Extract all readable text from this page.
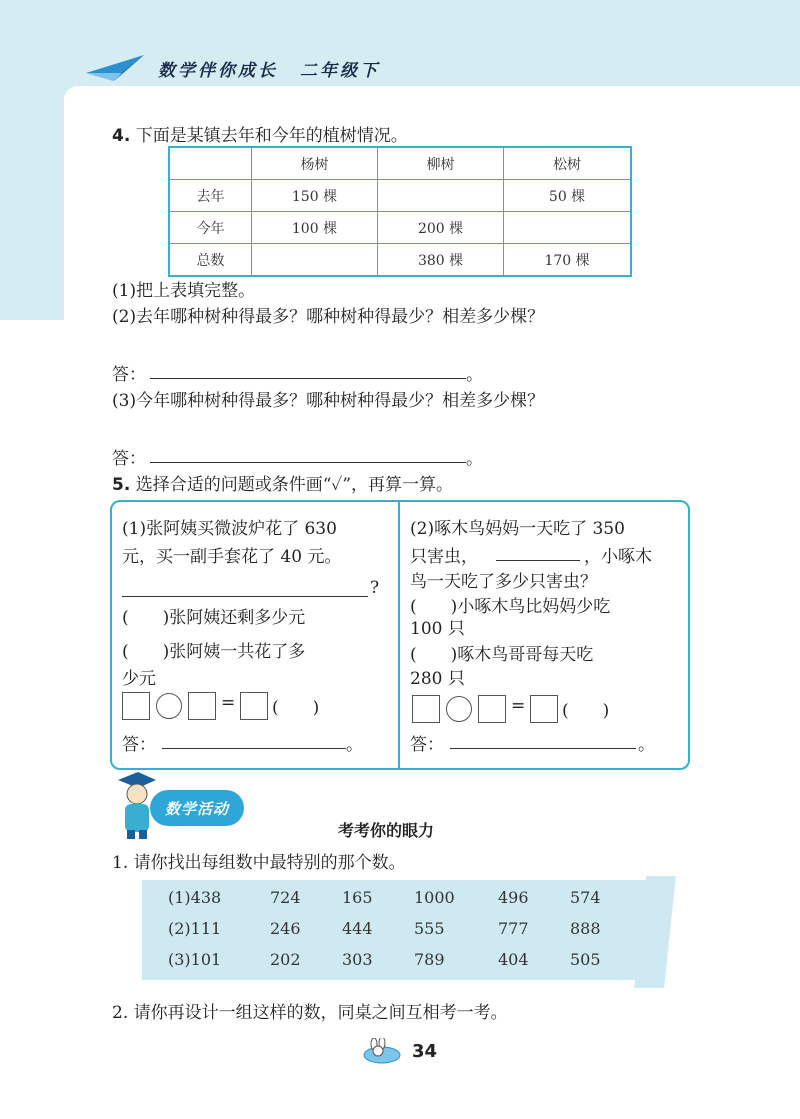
数学伴你成长 二年级下
4. 下面是某镇去年和今年的植树情况。
	杨树	柳树	松树
去年	150 棵		50 棵
今年	100 棵	200 棵	
总数		380 棵	170 棵
(1)把上表填完整。
(2)去年哪种树种得最多？哪种树种得最少？相差多少棵？
答：	。
(3)今年哪种树种得最多？哪种树种得最少？相差多少棵？
答：	。
5. 选择合适的问题或条件画“✓”，再算一算。
(1)张阿姨买微波炉花了 630
元，买一副手套花了 40 元。
?
(　　)张阿姨还剩多少元
(　　)张阿姨一共花了多
少元
= (　　)
答：	。
(2)啄木鸟妈妈一天吃了 350
只害虫，	，小啄木
鸟一天吃了多少只害虫？
(　　)小啄木鸟比妈妈少吃
100 只
(　　)啄木鸟哥哥每天吃
280 只
= (　　)
答：	。
数学活动
考考你的眼力
1. 请你找出每组数中最特别的那个数。
(1)438	724	165	1000	496	574
(2)111	246	444	555	777	888
(3)101	202	303	789	404	505
2. 请你再设计一组这样的数，同桌之间互相考一考。
34
